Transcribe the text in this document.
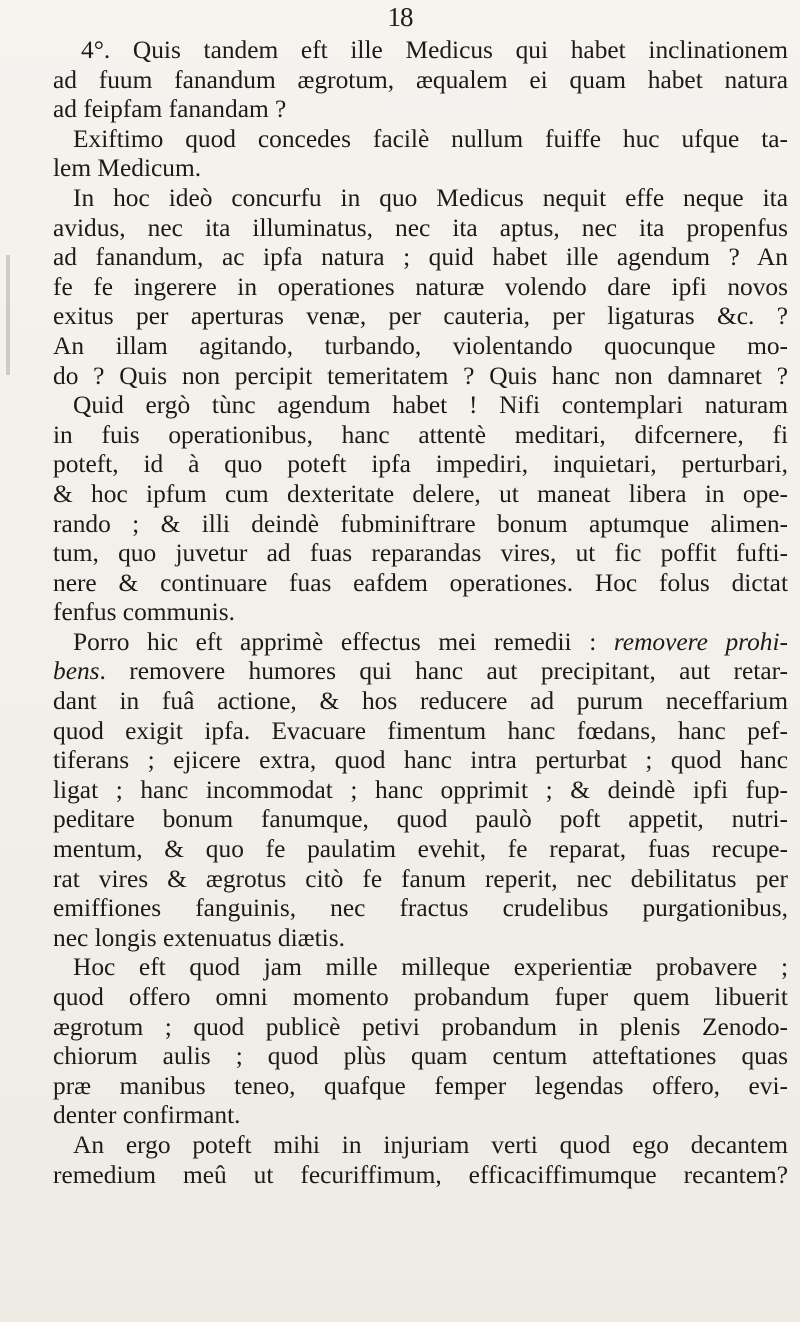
18
4°. Quis tandem eft ille Medicus qui habet inclinationem
ad fuum fanandum ægrotum, æqualem ei quam habet natura
ad feipfam fanandam ?
Exiftimo quod concedes facilè nullum fuiffe huc ufque ta-
lem Medicum.
In hoc ideò concurfu in quo Medicus nequit effe neque ita
avidus, nec ita illuminatus, nec ita aptus, nec ita propenfus
ad fanandum, ac ipfa natura ; quid habet ille agendum ? An
fe fe ingerere in operationes naturæ volendo dare ipfi novos
exitus per aperturas venæ, per cauteria, per ligaturas &c. ?
An illam agitando, turbando, violentando quocunque mo-
do ? Quis non percipit temeritatem ? Quis hanc non damnaret ?
Quid ergò tùnc agendum habet ! Nifi contemplari naturam
in fuis operationibus, hanc attentè meditari, difcernere, fi
poteft, id à quo poteft ipfa impediri, inquietari, perturbari,
& hoc ipfum cum dexteritate delere, ut maneat libera in ope-
rando ; & illi deindè fubminiftrare bonum aptumque alimen-
tum, quo juvetur ad fuas reparandas vires, ut fic poffit fufti-
nere & continuare fuas eafdem operationes. Hoc folus dictat
fenfus communis.
Porro hic eft apprimè effectus mei remedii : removere prohi-
bens. removere humores qui hanc aut precipitant, aut retar-
dant in fuâ actione, & hos reducere ad purum neceffarium
quod exigit ipfa. Evacuare fimentum hanc fœdans, hanc pef-
tiferans ; ejicere extra, quod hanc intra perturbat ; quod hanc
ligat ; hanc incommodat ; hanc opprimit ; & deindè ipfi fup-
peditare bonum fanumque, quod paulò poft appetit, nutri-
mentum, & quo fe paulatim evehit, fe reparat, fuas recupe-
rat vires & ægrotus citò fe fanum reperit, nec debilitatus per
emiffiones fanguinis, nec fractus crudelibus purgationibus,
nec longis extenuatus diætis.
Hoc eft quod jam mille milleque experientiæ probavere ;
quod offero omni momento probandum fuper quem libuerit
ægrotum ; quod publicè petivi probandum in plenis Zenodo-
chiorum aulis ; quod plùs quam centum atteftationes quas
præ manibus teneo, quafque femper legendas offero, evi-
denter confirmant.
An ergo poteft mihi in injuriam verti quod ego decantem
remedium meû ut fecuriffimum, efficaciffimumque recantem?
